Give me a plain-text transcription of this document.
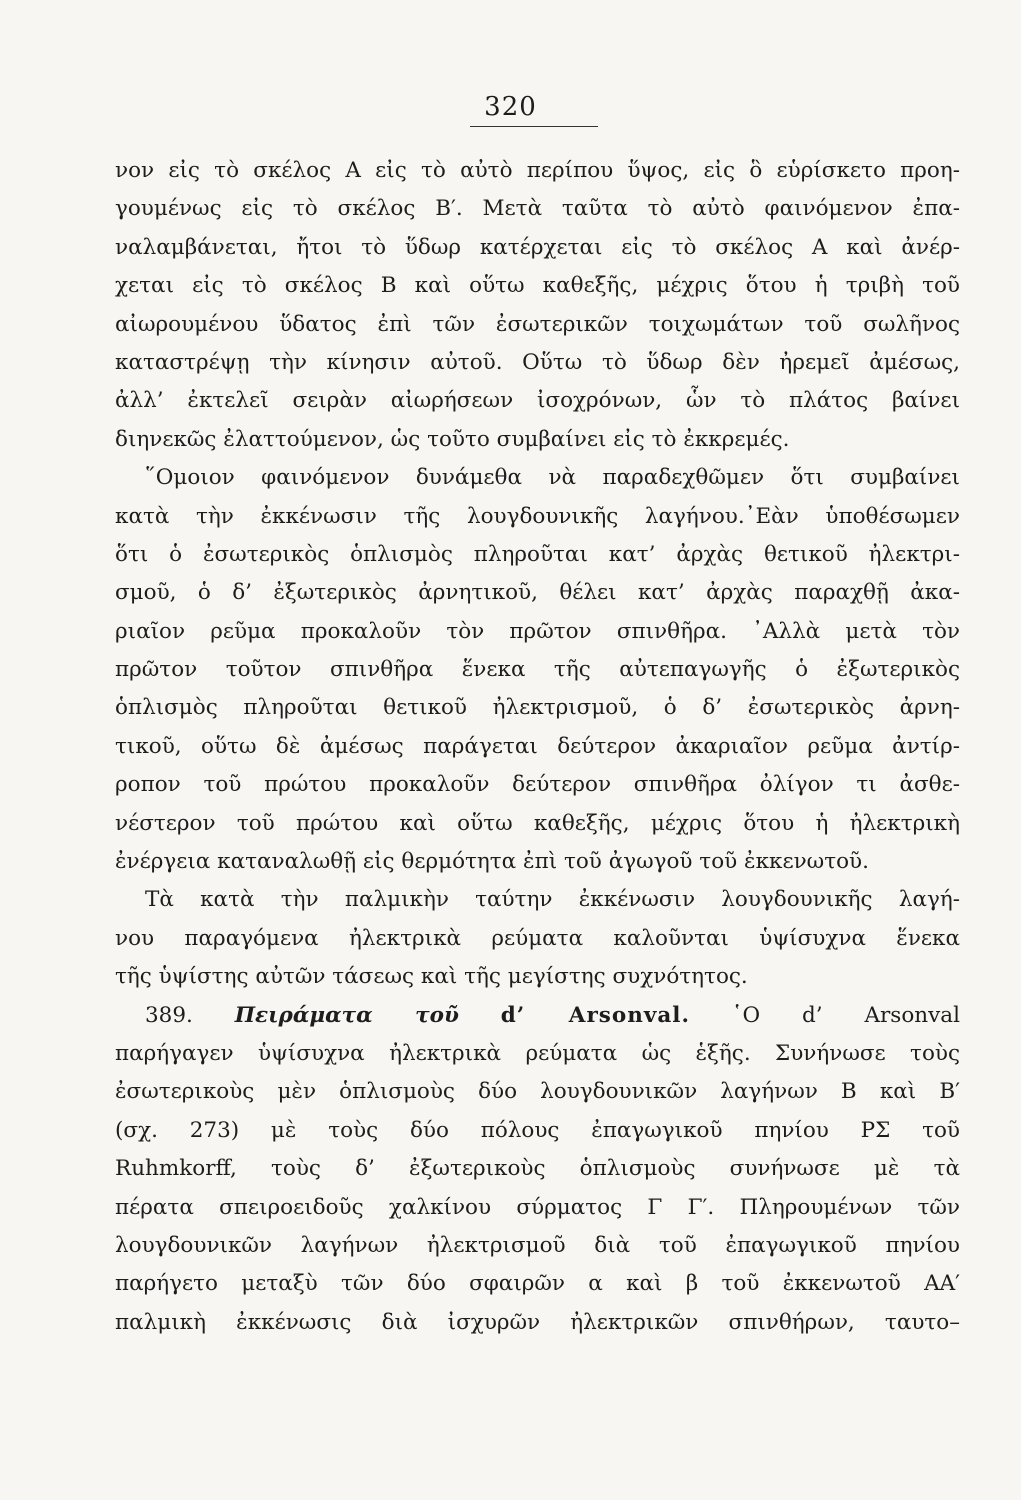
320
νον εἰς τὸ σκέλος Α εἰς τὸ αὐτὸ περίπου ὕψος, εἰς ὃ εὑρίσκετο προη-
γουμένως εἰς τὸ σκέλος Β′. Μετὰ ταῦτα τὸ αὐτὸ φαινόμενον ἐπα-
ναλαμβάνεται, ἤτοι τὸ ὕδωρ κατέρχεται εἰς τὸ σκέλος Α καὶ ἀνέρ-
χεται εἰς τὸ σκέλος Β καὶ οὕτω καθεξῆς, μέχρις ὅτου ἡ τριβὴ τοῦ
αἰωρουμένου ὕδατος ἐπὶ τῶν ἐσωτερικῶν τοιχωμάτων τοῦ σωλῆνος
καταστρέψῃ τὴν κίνησιν αὐτοῦ. Οὕτω τὸ ὕδωρ δὲν ἠρεμεῖ ἀμέσως,
ἀλλ’ ἐκτελεῖ σειρὰν αἰωρήσεων ἰσοχρόνων, ὧν τὸ πλάτος βαίνει
διηνεκῶς ἐλαττούμενον, ὡς τοῦτο συμβαίνει εἰς τὸ ἐκκρεμές.
῞Ομοιον φαινόμενον δυνάμεθα νὰ παραδεχθῶμεν ὅτι συμβαίνει
κατὰ τὴν ἐκκένωσιν τῆς λουγδουνικῆς λαγήνου.᾿Εὰν ὑποθέσωμεν
ὅτι ὁ ἐσωτερικὸς ὁπλισμὸς πληροῦται κατ’ ἀρχὰς θετικοῦ ἠλεκτρι-
σμοῦ, ὁ δ’ ἐξωτερικὸς ἀρνητικοῦ, θέλει κατ’ ἀρχὰς παραχθῇ ἀκα-
ριαῖον ρεῦμα προκαλοῦν τὸν πρῶτον σπινθῆρα. ᾿Αλλὰ μετὰ τὸν
πρῶτον τοῦτον σπινθῆρα ἕνεκα τῆς αὐτεπαγωγῆς ὁ ἐξωτερικὸς
ὁπλισμὸς πληροῦται θετικοῦ ἠλεκτρισμοῦ, ὁ δ’ ἐσωτερικὸς ἀρνη-
τικοῦ, οὕτω δὲ ἀμέσως παράγεται δεύτερον ἀκαριαῖον ρεῦμα ἀντίρ-
ροπον τοῦ πρώτου προκαλοῦν δεύτερον σπινθῆρα ὀλίγον τι ἀσθε-
νέστερον τοῦ πρώτου καὶ οὕτω καθεξῆς, μέχρις ὅτου ἡ ἠλεκτρικὴ
ἐνέργεια καταναλωθῇ εἰς θερμότητα ἐπὶ τοῦ ἀγωγοῦ τοῦ ἐκκενωτοῦ.
Τὰ κατὰ τὴν παλμικὴν ταύτην ἐκκένωσιν λουγδουνικῆς λαγή-
νου παραγόμενα ἠλεκτρικὰ ρεύματα καλοῦνται ὑψίσυχνα ἕνεκα
τῆς ὑψίστης αὐτῶν τάσεως καὶ τῆς μεγίστης συχνότητος.
389. Πειράματα τοῦ d’ Arsonval. ῾Ο d’ Arsonval
παρήγαγεν ὑψίσυχνα ἠλεκτρικὰ ρεύματα ὡς ἑξῆς. Συνήνωσε τοὺς
ἐσωτερικοὺς μὲν ὁπλισμοὺς δύο λουγδουνικῶν λαγήνων Β καὶ Β′
(σχ. 273) μὲ τοὺς δύο πόλους ἐπαγωγικοῦ πηνίου ΡΣ τοῦ
Ruhmkorff, τοὺς δ’ ἐξωτερικοὺς ὁπλισμοὺς συνήνωσε μὲ τὰ
πέρατα σπειροειδοῦς χαλκίνου σύρματος Γ Γ′. Πληρουμένων τῶν
λουγδουνικῶν λαγήνων ἠλεκτρισμοῦ διὰ τοῦ ἐπαγωγικοῦ πηνίου
παρήγετο μεταξὺ τῶν δύο σφαιρῶν α καὶ β τοῦ ἐκκενωτοῦ ΑΑ′
παλμικὴ ἐκκένωσις διὰ ἰσχυρῶν ἠλεκτρικῶν σπινθήρων, ταυτο–
